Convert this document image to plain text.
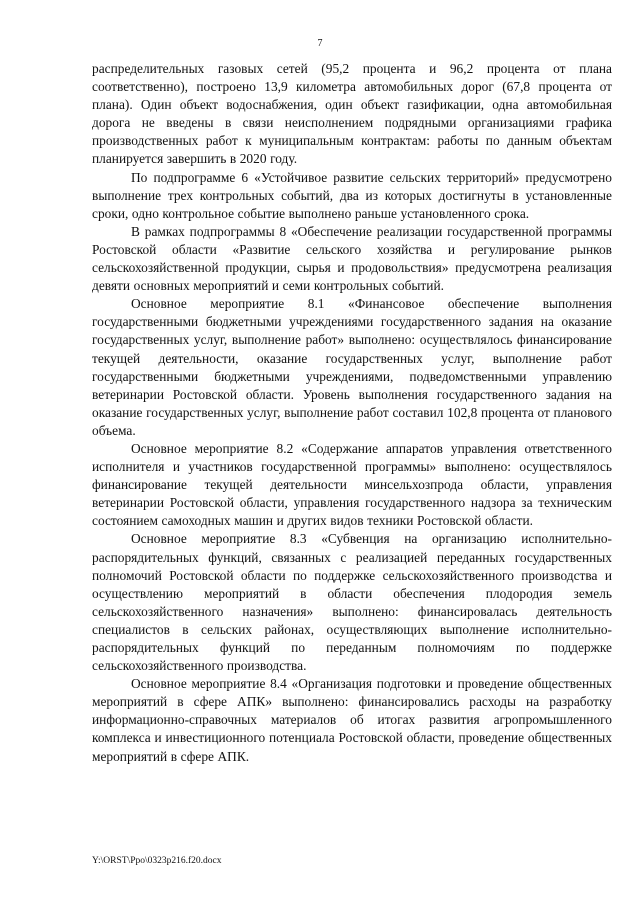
7

распределительных газовых сетей (95,2 процента и 96,2 процента от плана соответственно), построено 13,9 километра автомобильных дорог (67,8 процента от плана). Один объект водоснабжения, один объект газификации, одна автомобильная дорога не введены в связи неисполнением подрядными организациями графика производственных работ к муниципальным контрактам: работы по данным объектам планируется завершить в 2020 году.

По подпрограмме 6 «Устойчивое развитие сельских территорий» предусмотрено выполнение трех контрольных событий, два из которых достигнуты в установленные сроки, одно контрольное событие выполнено раньше установленного срока.

В рамках подпрограммы 8 «Обеспечение реализации государственной программы Ростовской области «Развитие сельского хозяйства и регулирование рынков сельскохозяйственной продукции, сырья и продовольствия» предусмотрена реализация девяти основных мероприятий и семи контрольных событий.

Основное мероприятие 8.1 «Финансовое обеспечение выполнения государственными бюджетными учреждениями государственного задания на оказание государственных услуг, выполнение работ» выполнено: осуществлялось финансирование текущей деятельности, оказание государственных услуг, выполнение работ государственными бюджетными учреждениями, подведомственными управлению ветеринарии Ростовской области. Уровень выполнения государственного задания на оказание государственных услуг, выполнение работ составил 102,8 процента от планового объема.

Основное мероприятие 8.2 «Содержание аппаратов управления ответственного исполнителя и участников государственной программы» выполнено: осуществлялось финансирование текущей деятельности минсельхозпрода области, управления ветеринарии Ростовской области, управления государственного надзора за техническим состоянием самоходных машин и других видов техники Ростовской области.

Основное мероприятие 8.3 «Субвенция на организацию исполнительно-распорядительных функций, связанных с реализацией переданных государственных полномочий Ростовской области по поддержке сельскохозяйственного производства и осуществлению мероприятий в области обеспечения плодородия земель сельскохозяйственного назначения» выполнено: финансировалась деятельность специалистов в сельских районах, осуществляющих выполнение исполнительно-распорядительных функций по переданным полномочиям по поддержке сельскохозяйственного производства.

Основное мероприятие 8.4 «Организация подготовки и проведение общественных мероприятий в сфере АПК» выполнено: финансировались расходы на разработку информационно-справочных материалов об итогах развития агропромышленного комплекса и инвестиционного потенциала Ростовской области, проведение общественных мероприятий в сфере АПК.

Y:\ORST\Ppo\0323p216.f20.docx
